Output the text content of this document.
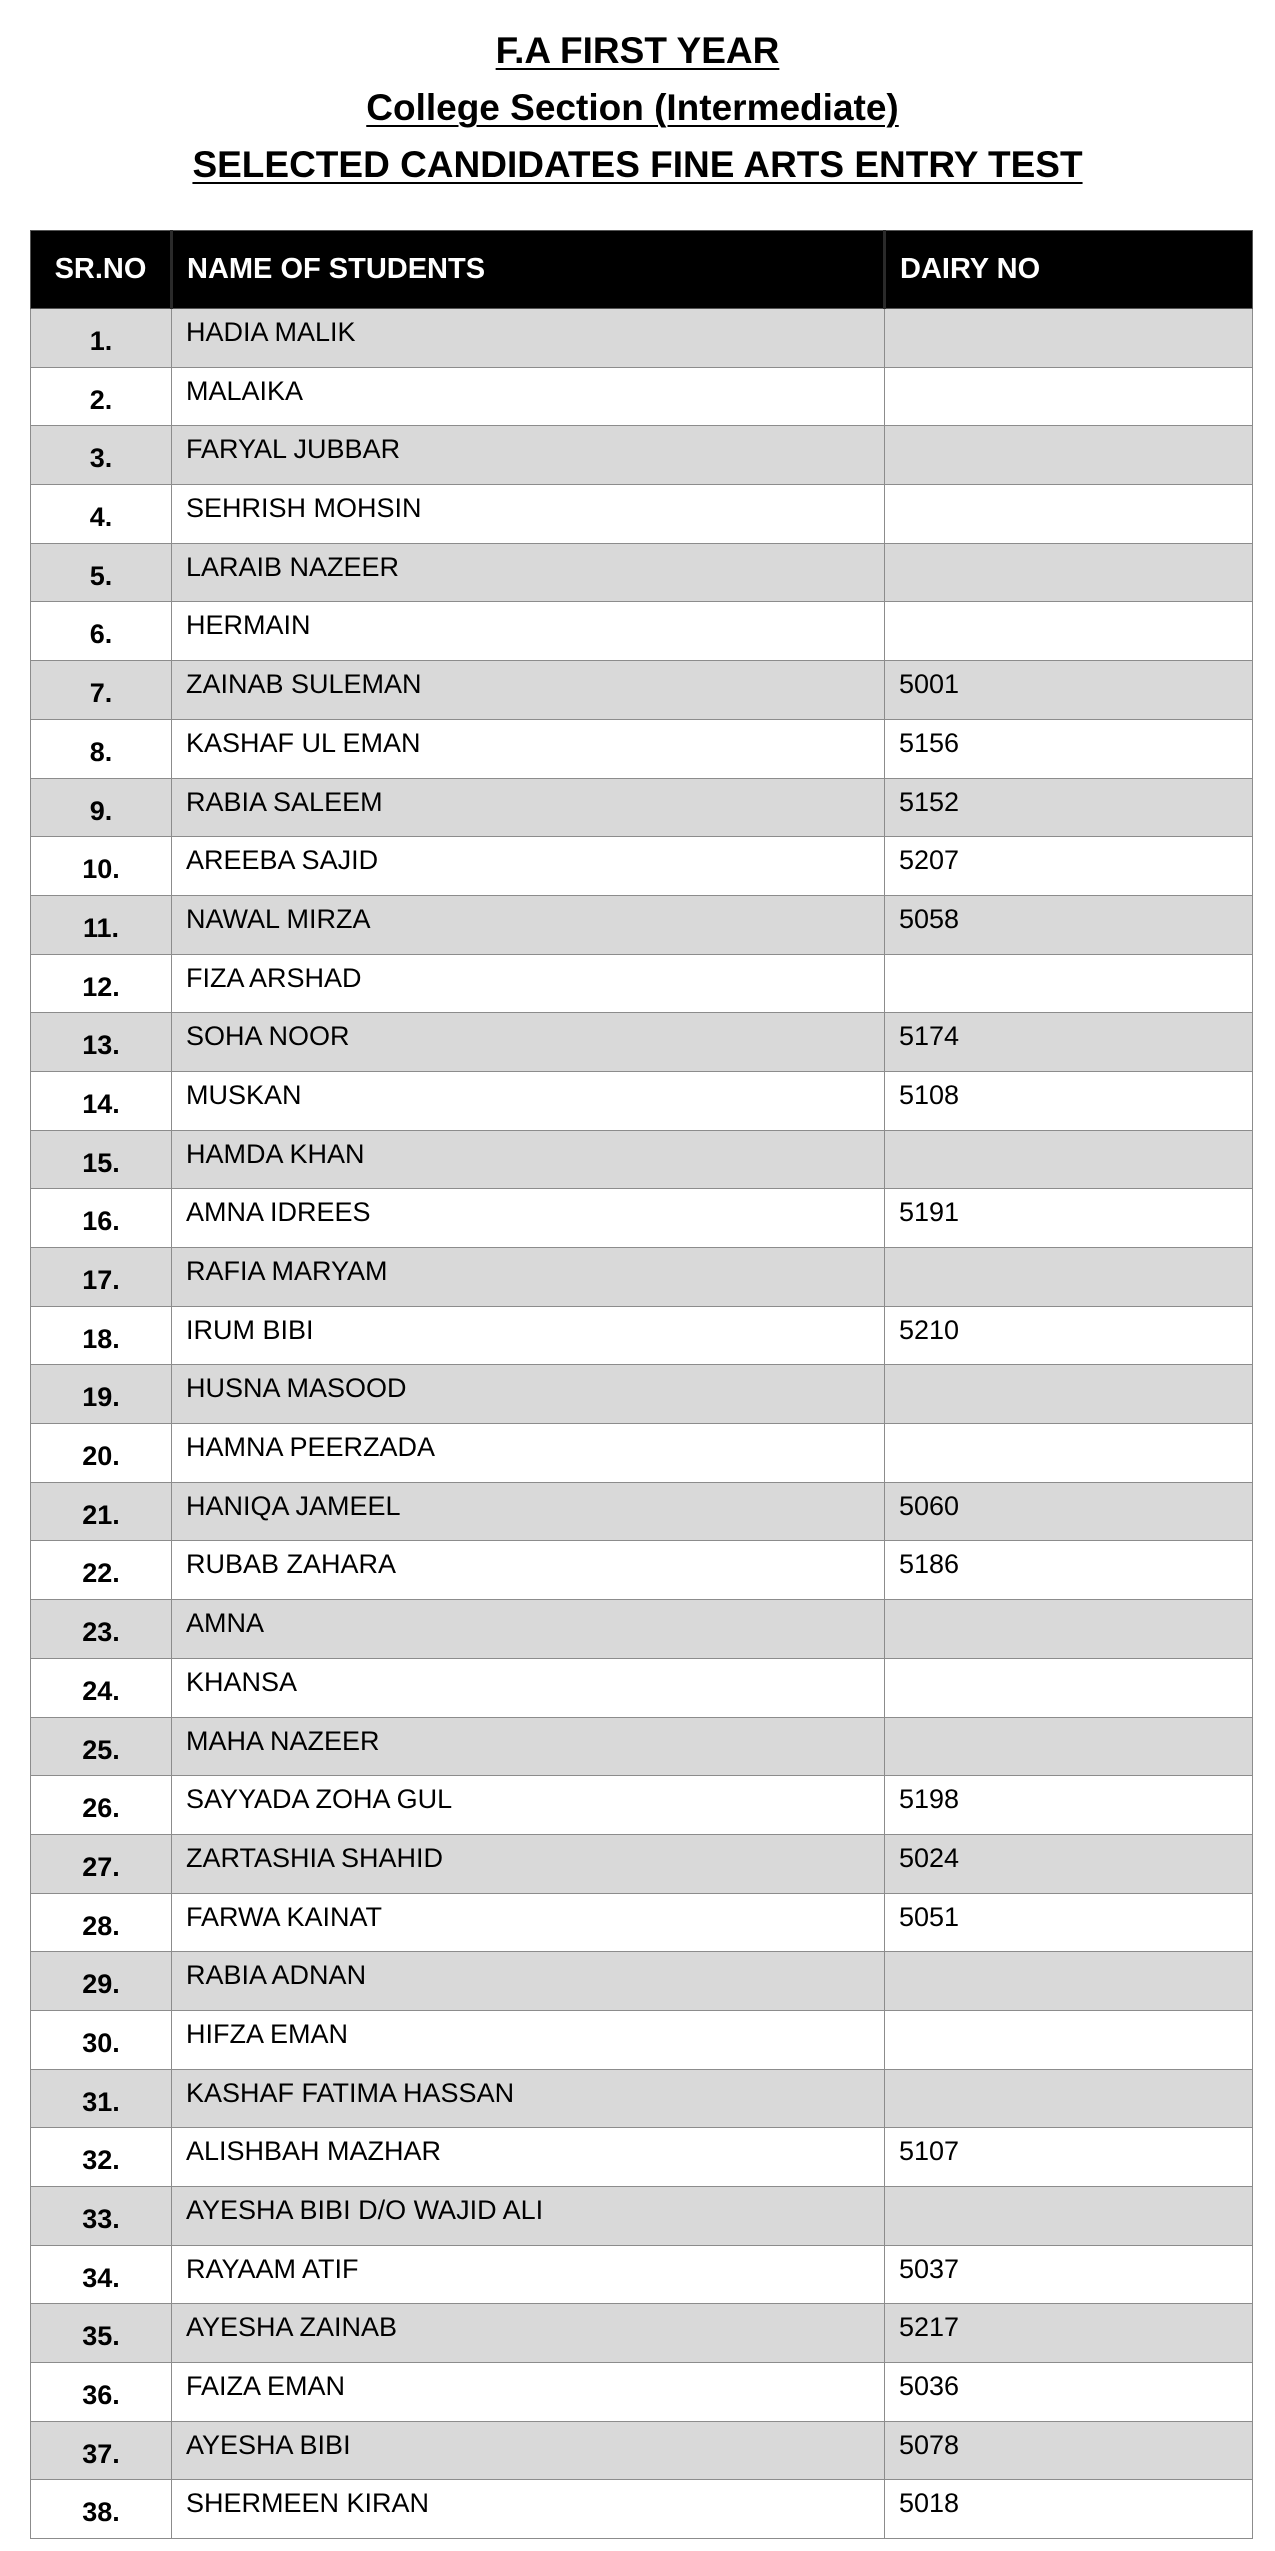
F.A FIRST YEAR
College Section (Intermediate)
SELECTED CANDIDATES FINE ARTS ENTRY TEST
SR.NO	NAME OF STUDENTS	DAIRY NO
1.	HADIA MALIK	
2.	MALAIKA	
3.	FARYAL JUBBAR	
4.	SEHRISH MOHSIN	
5.	LARAIB NAZEER	
6.	HERMAIN	
7.	ZAINAB SULEMAN	5001
8.	KASHAF UL EMAN	5156
9.	RABIA SALEEM	5152
10.	AREEBA SAJID	5207
11.	NAWAL MIRZA	5058
12.	FIZA ARSHAD	
13.	SOHA NOOR	5174
14.	MUSKAN	5108
15.	HAMDA KHAN	
16.	AMNA IDREES	5191
17.	RAFIA MARYAM	
18.	IRUM BIBI	5210
19.	HUSNA MASOOD	
20.	HAMNA PEERZADA	
21.	HANIQA JAMEEL	5060
22.	RUBAB ZAHARA	5186
23.	AMNA	
24.	KHANSA	
25.	MAHA NAZEER	
26.	SAYYADA ZOHA GUL	5198
27.	ZARTASHIA SHAHID	5024
28.	FARWA KAINAT	5051
29.	RABIA ADNAN	
30.	HIFZA EMAN	
31.	KASHAF FATIMA HASSAN	
32.	ALISHBAH MAZHAR	5107
33.	AYESHA BIBI D/O WAJID ALI	
34.	RAYAAM ATIF	5037
35.	AYESHA ZAINAB	5217
36.	FAIZA EMAN	5036
37.	AYESHA BIBI	5078
38.	SHERMEEN KIRAN	5018
